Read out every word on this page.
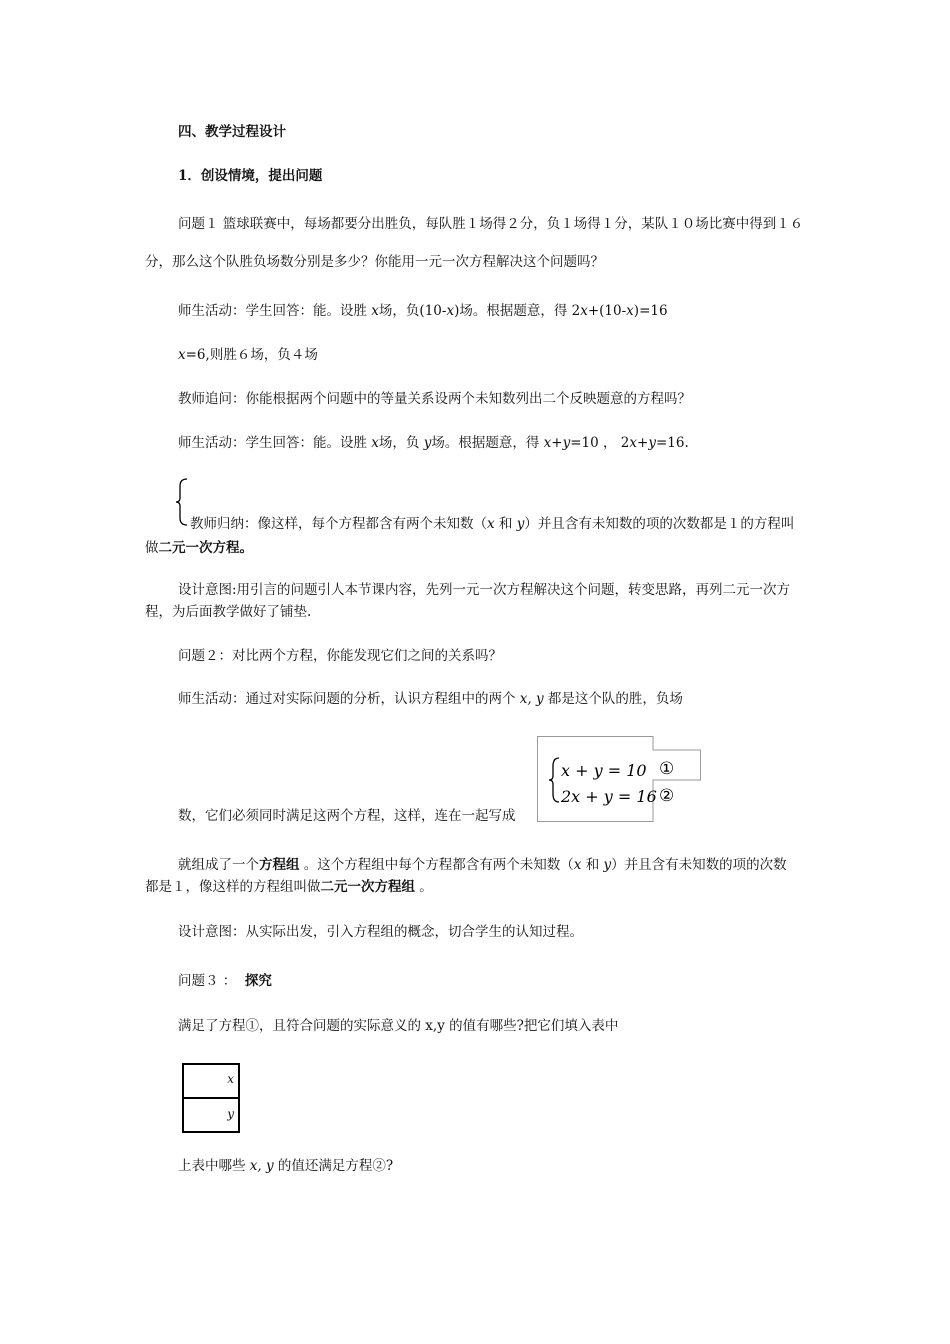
四、教学过程设计
1．创设情境，提出问题
问题１ 篮球联赛中，每场都要分出胜负，每队胜１场得２分，负１场得１分，某队１０场比赛中得到１６
分，那么这个队胜负场数分别是多少？你能用一元一次方程解决这个问题吗？
师生活动：学生回答：能。设胜 x场，负(10-x)场。根据题意，得 2x+(10-x)=16
x=6,则胜６场，负４场
教师追问：你能根据两个问题中的等量关系设两个未知数列出二个反映题意的方程吗？
师生活动：学生回答：能。设胜 x场，负 y场。根据题意，得 x+y=10 ， 2x+y=16.
教师归纳：像这样，每个方程都含有两个未知数（x 和 y）并且含有未知数的项的次数都是１的方程叫
做二元一次方程。
设计意图:用引言的问题引人本节课内容，先列一元一次方程解决这个问题，转变思路，再列二元一次方程，为后面教学做好了铺垫.
问题２：对比两个方程，你能发现它们之间的关系吗？
师生活动：通过对实际问题的分析，认识方程组中的两个 x, y 都是这个队的胜，负场
x + y = 10
2x + y = 16
①
②
数，它们必须同时满足这两个方程，这样，连在一起写成
就组成了一个方程组 。这个方程组中每个方程都含有两个未知数（x 和 y）并且含有未知数的项的次数
都是１，像这样的方程组叫做二元一次方程组 。
设计意图：从实际出发，引入方程组的概念，切合学生的认知过程。
问题３ ： 探究
满足了方程①，且符合问题的实际意义的 x,y 的值有哪些?把它们填入表中
x
y
上表中哪些 x, y 的值还满足方程②?
